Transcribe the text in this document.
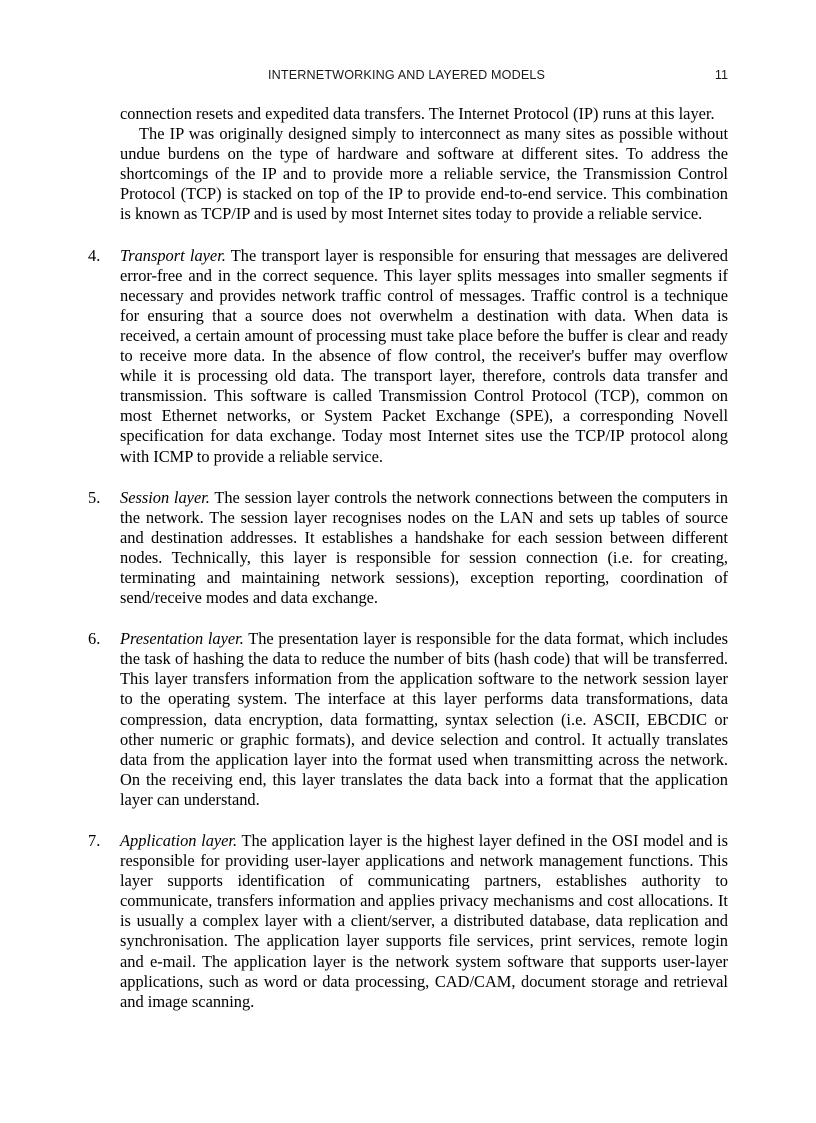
INTERNETWORKING AND LAYERED MODELS	11

connection resets and expedited data transfers. The Internet Protocol (IP) runs at this layer.

The IP was originally designed simply to interconnect as many sites as possible without undue burdens on the type of hardware and software at different sites. To address the shortcomings of the IP and to provide more a reliable service, the Transmission Control Protocol (TCP) is stacked on top of the IP to provide end-to-end service. This combination is known as TCP/IP and is used by most Internet sites today to provide a reliable service.

4.	Transport layer. The transport layer is responsible for ensuring that messages are delivered error-free and in the correct sequence. This layer splits messages into smaller segments if necessary and provides network traffic control of messages. Traffic control is a technique for ensuring that a source does not overwhelm a destination with data. When data is received, a certain amount of processing must take place before the buffer is clear and ready to receive more data. In the absence of flow control, the receiver's buffer may overflow while it is processing old data. The transport layer, therefore, controls data transfer and transmission. This software is called Transmission Control Protocol (TCP), common on most Ethernet networks, or System Packet Exchange (SPE), a corresponding Novell specification for data exchange. Today most Internet sites use the TCP/IP protocol along with ICMP to provide a reliable service.
5.	Session layer. The session layer controls the network connections between the computers in the network. The session layer recognises nodes on the LAN and sets up tables of source and destination addresses. It establishes a handshake for each session between different nodes. Technically, this layer is responsible for session connection (i.e. for creating, terminating and maintaining network sessions), exception reporting, coordination of send/receive modes and data exchange.
6.	Presentation layer. The presentation layer is responsible for the data format, which includes the task of hashing the data to reduce the number of bits (hash code) that will be transferred. This layer transfers information from the application software to the network session layer to the operating system. The interface at this layer performs data transformations, data compression, data encryption, data formatting, syntax selection (i.e. ASCII, EBCDIC or other numeric or graphic formats), and device selection and control. It actually translates data from the application layer into the format used when transmitting across the network. On the receiving end, this layer translates the data back into a format that the application layer can understand.
7.	Application layer. The application layer is the highest layer defined in the OSI model and is responsible for providing user-layer applications and network management functions. This layer supports identification of communicating partners, establishes authority to communicate, transfers information and applies privacy mechanisms and cost allocations. It is usually a complex layer with a client/server, a distributed database, data replication and synchronisation. The application layer supports file services, print services, remote login and e-mail. The application layer is the network system software that supports user-layer applications, such as word or data processing, CAD/CAM, document storage and retrieval and image scanning.
